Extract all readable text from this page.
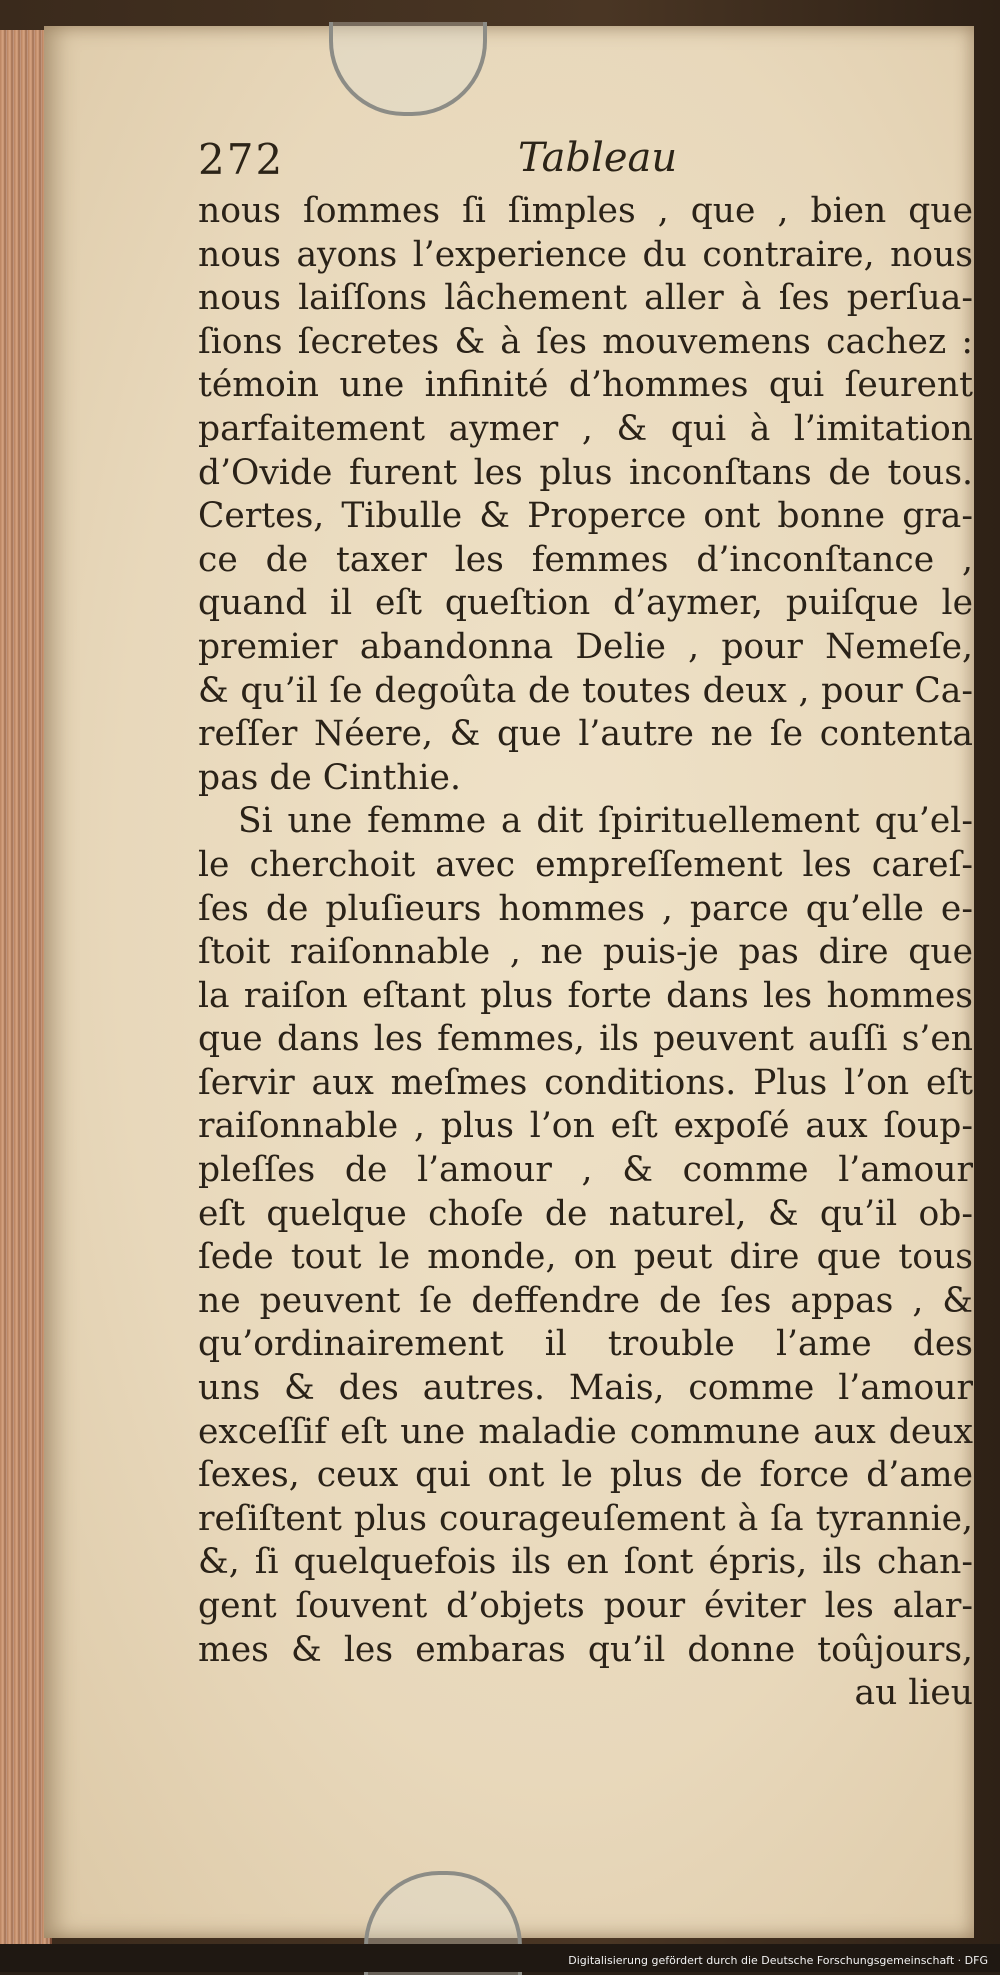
272	Tableau
nous ſommes ſi ſimples , que , bien que
nous ayons l’experience du contraire, nous
nous laiſſons lâchement aller à ſes perſua-
ſions ſecretes & à ſes mouvemens cachez :
témoin une infinité d’hommes qui ſeurent
parfaitement aymer , & qui à l’imitation
d’Ovide furent les plus inconſtans de tous.
Certes, Tibulle & Properce ont bonne gra-
ce de taxer les femmes d’inconſtance ,
quand il eſt queſtion d’aymer, puiſque le
premier abandonna Delie , pour Nemeſe,
& qu’il ſe degoûta de toutes deux , pour Ca-
reſſer Néere, & que l’autre ne ſe contenta
pas de Cinthie.
Si une femme a dit ſpirituellement qu’el-
le cherchoit avec empreſſement les careſ-
ſes de pluſieurs hommes , parce qu’elle e-
ſtoit raiſonnable , ne puis-je pas dire que
la raiſon eſtant plus forte dans les hommes
que dans les femmes, ils peuvent auſſi s’en
ſervir aux meſmes conditions. Plus l’on eſt
raiſonnable , plus l’on eſt expoſé aux ſoup-
pleſſes de l’amour , & comme l’amour
eſt quelque choſe de naturel, & qu’il ob-
ſede tout le monde, on peut dire que tous
ne peuvent ſe deffendre de ſes appas , &
qu’ordinairement il trouble l’ame des
uns & des autres. Mais, comme l’amour
exceſſif eſt une maladie commune aux deux
ſexes, ceux qui ont le plus de force d’ame
reſiſtent plus courageuſement à ſa tyrannie,
&, ſi quelquefois ils en ſont épris, ils chan-
gent ſouvent d’objets pour éviter les alar-
mes & les embaras qu’il donne toûjours,
au lieu
Digitalisierung gefördert durch die Deutsche Forschungsgemeinschaft · DFG
